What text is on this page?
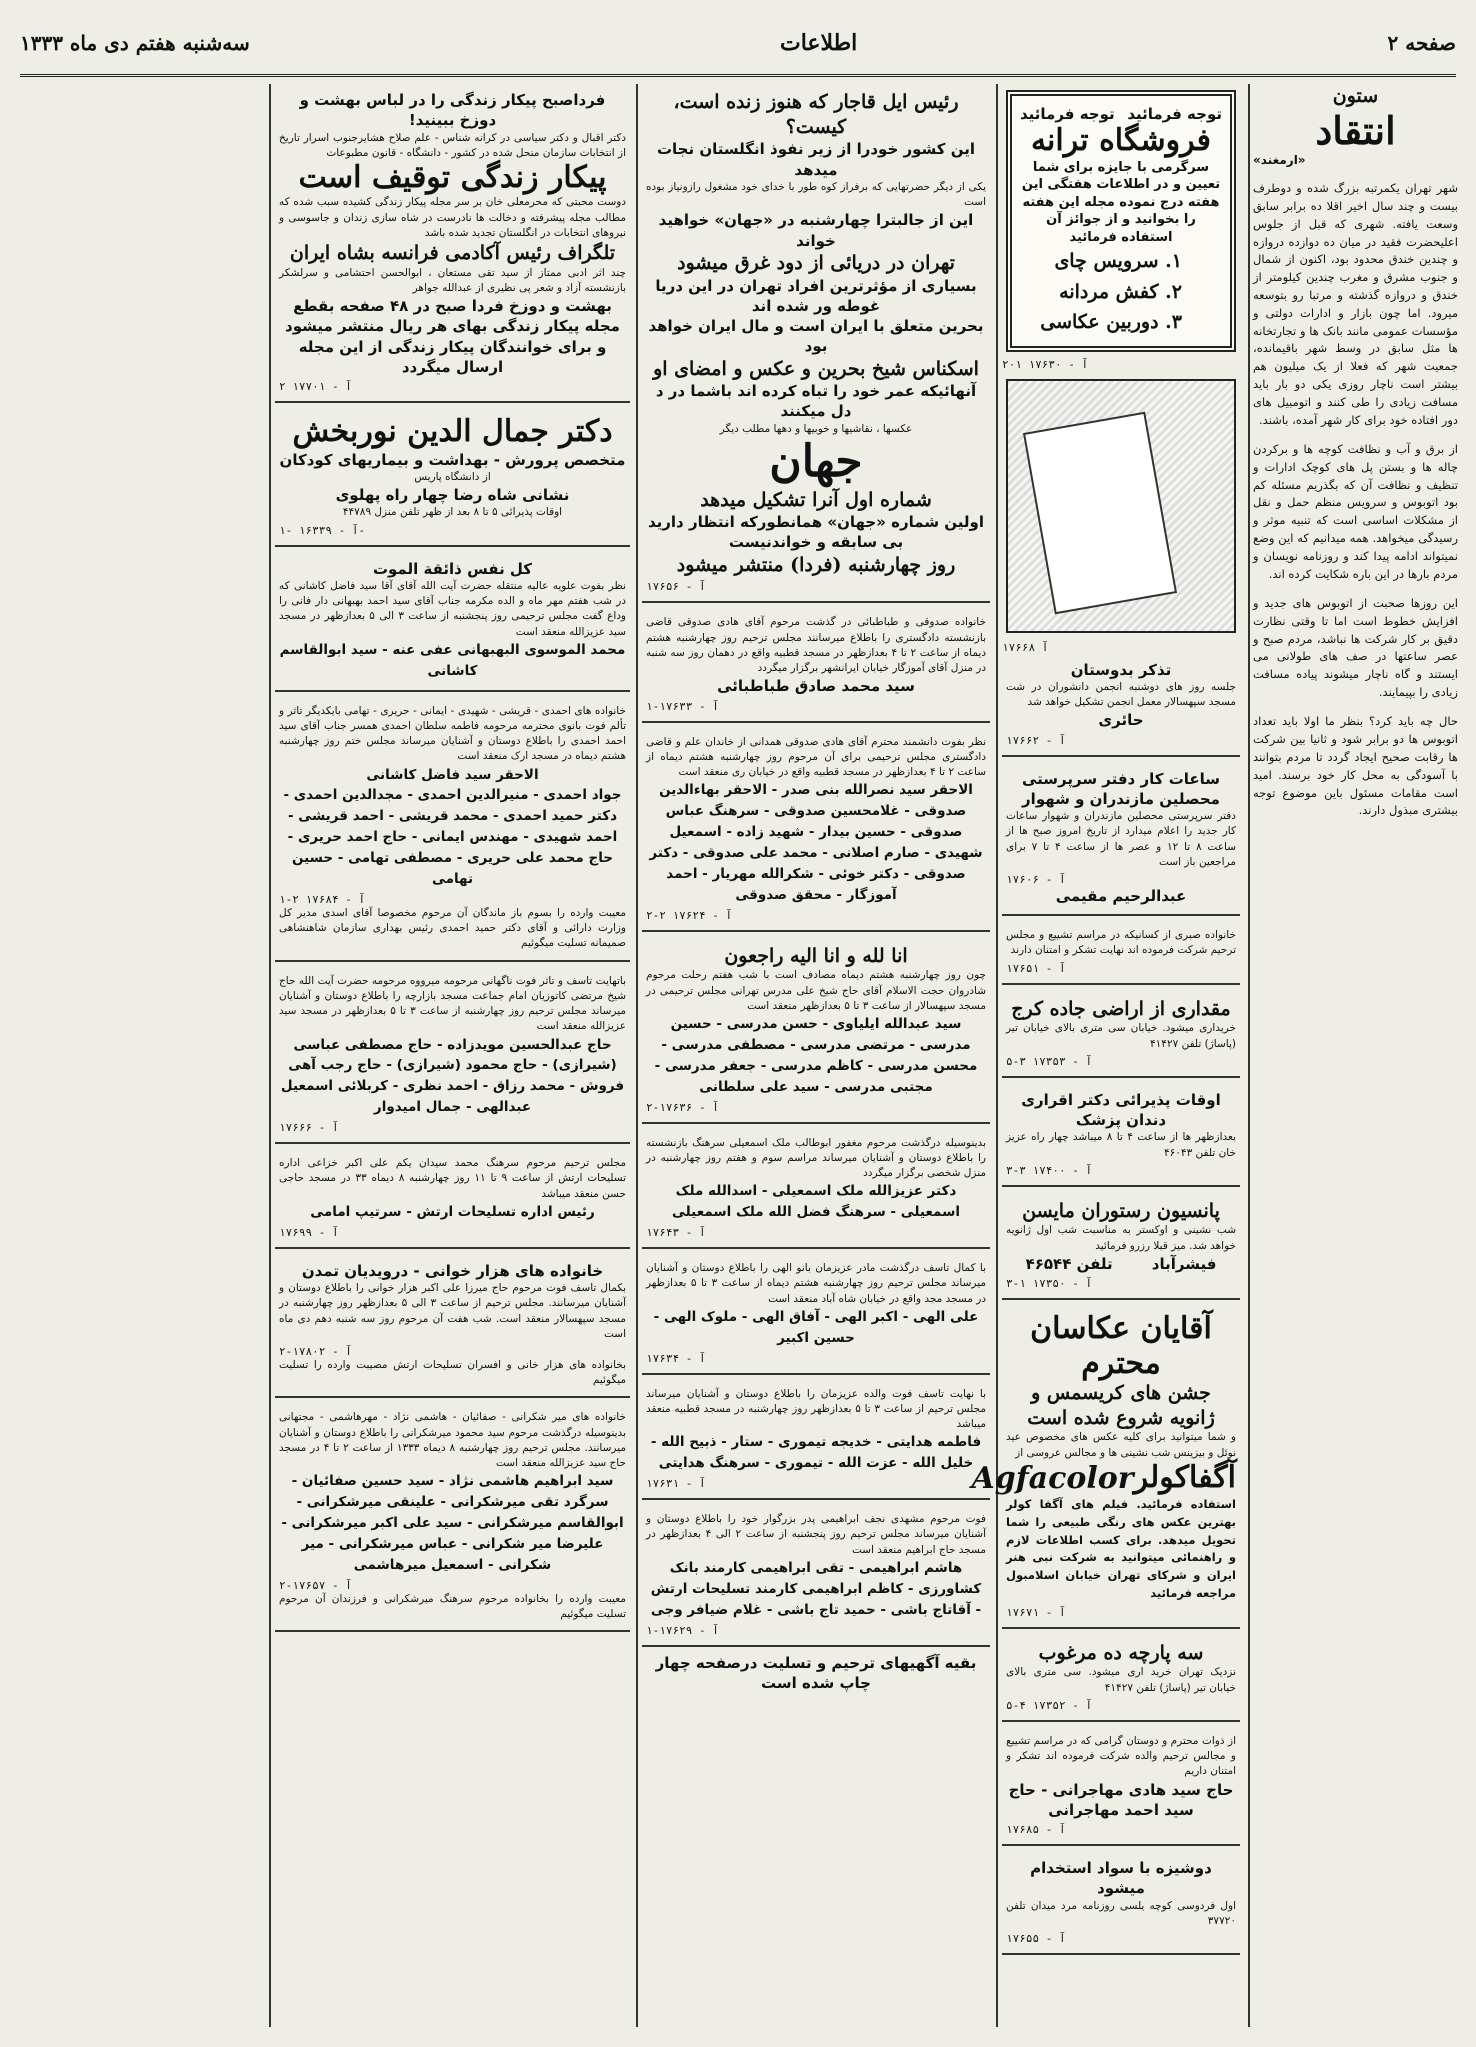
صفحه ۲
اطلاعات
سه‌شنبه هفتم دی ماه ۱۳۳۳
ستون
انتقاد
«ارمغند»

شهر تهران یکمرتبه بزرگ شده و دوطرف بیست و چند سال اخیر اقلا ده برابر سابق وسعت یافته. شهری که قبل از جلوس اعلیحضرت فقید در میان ده دوازده دروازه و چندین خندق محدود بود، اکنون از شمال و جنوب مشرق و مغرب چندین کیلومتر از خندق و دروازه گذشته و مرتبا رو بتوسعه میرود. اما چون بازار و ادارات دولتی و مؤسسات عمومی مانند بانک ها و تجارتخانه ها مثل سابق در وسط شهر باقیمانده، جمعیت شهر که فعلا از یک میلیون هم بیشتر است ناچار روزی یکی دو بار باید مسافت زیادی را طی کنند و اتومبیل های دور افتاده خود برای کار شهر آمده، باشند.

از برق و آب و نظافت کوچه ها و برکردن چاله ها و بستن پل های کوچک ادارات و تنظیف و نظافت آن که بگذریم مسئله کم بود اتوبوس و سرویس منظم حمل و نقل از مشکلات اساسی است که تنبیه موثر و رسیدگی میخواهد. همه میدانیم که این وضع نمیتواند ادامه پیدا کند و روزنامه نویسان و مردم بارها در این باره شکایت کرده اند.

این روزها صحبت از اتوبوس های جدید و افزایش خطوط است اما تا وقتی نظارت دقیق بر کار شرکت ها نباشد، مردم صبح و عصر ساعتها در صف های طولانی می ایستند و گاه ناچار میشوند پیاده مسافت زیادی را بپیمایند.

حال چه باید کرد؟ بنظر ما اولا باید تعداد اتوبوس ها دو برابر شود و ثانیا بین شرکت ها رقابت صحیح ایجاد گردد تا مردم بتوانند با آسودگی به محل کار خود برسند. امید است مقامات مسئول باین موضوع توجه بیشتری مبذول دارند.

توجه فرمائید
توجه فرمائید
فروشگاه ترانه
سرگرمی با جایزه برای شما تعیین و در اطلاعات هفتگی این هفته درج نموده مجله این هفته را بخوانید و از جوائز آن استفاده فرمائید
۱. سرویس چای
۲. کفش مردانه
۳. دوربین عکاسی
آ - ۱۷۶۳۰ ۲۰۱
آ ۱۷۶۶۸
تذکر بدوستان
جلسه روز های دوشنبه انجمن دانشوران در شت مسجد سپهسالار معمل انجمن تشکیل خواهد شد
حائری
آ - ۱۷۶۶۲
ساعات کار دفتر سرپرستی محصلین مازندران و شهوار
دفتر سرپرستی محصلین مازندران و شهوار ساعات کار جدید را اعلام میدارد از تاریخ امروز صبح ها از ساعت ۸ تا ۱۲ و عصر ها از ساعت ۴ تا ۷ برای مراجعین باز است
آ - ۱۷۶۰۶
عبدالرحیم مقیمی
خانواده صبری از کسانیکه در مراسم تشییع و مجلس ترحیم شرکت فرموده اند نهایت تشکر و امتنان دارند
آ - ۱۷۶۵۱
مقداری از اراضی جاده کرج
خریداری میشود. خیابان سی متری بالای خیابان تیر (پاساژ) تلفن ۴۱۴۲۷
آ - ۱۷۳۵۳ ۳-۵
اوقات پذیرائی دکتر اقراری دندان پزشک
بعدازظهر ها از ساعت ۴ تا ۸ میباشد چهار راه عزیز خان تلفن ۴۶۰۴۳
آ - ۱۷۴۰۰ ۳-۳
پانسیون رستوران مایسن
شب نشینی و اوکستر به مناسبت شب اول ژانویه خواهد شد. میز قبلا رزرو فرمائید
فیشرآباد
تلفن ۴۶۵۴۴
آ - ۱۷۳۵۰ ۱-۳
آقایان عکاسان محترم
جشن های کریسمس و ژانویه شروع شده است
و شما میتوانید برای کلیه عکس های مخصوص عید نوئل و بیزینس شب نشینی ها و مجالس عروسی از
آگفاکولر
Agfacolor
استفاده فرمائید. فیلم های آگفا کولر بهترین عکس های رنگی طبیعی را شما تحویل میدهد. برای کسب اطلاعات لازم و راهنمائی میتوانید به شرکت نبی هنر ایران و شرکای تهران خیابان اسلامبول مراجعه فرمائید
آ - ۱۷۶۷۱
سه پارچه ده مرغوب
نزدیک تهران خرید اری میشود. سی متری بالای خیابان تیر (پاساژ) تلفن ۴۱۴۲۷
آ - ۱۷۳۵۲ ۴-۵
از ذوات محترم و دوستان گرامی که در مراسم تشییع و مجالس ترحیم والده شرکت فرموده اند تشکر و امتنان داریم
حاج سید هادی مهاجرانی - حاج سید احمد مهاجرانی
آ - ۱۷۶۸۵
دوشیزه با سواد استخدام میشود
اول فردوسی کوچه یلسی روزنامه مرد میدان تلفن ۳۷۷۲۰
آ - ۱۷۶۵۵
رئیس ایل قاجار که هنوز زنده است، کیست؟
این کشور خودرا از زیر نفوذ انگلستان نجات میدهد
یکی از دیگر حضرتهایی که برفراز کوه طور با خدای خود مشغول رازونیاز بوده است
این از جالبترا چهارشنبه در «جهان» خواهید خواند
تهران در دریائی از دود غرق میشود
بسیاری از مؤثرترین افراد تهران در این دریا غوطه ور شده اند
بحرین متعلق با ایران است و مال ایران خواهد بود
اسکناس شیخ بحرین و عکس و امضای او
آنهائیکه عمر خود را تباه کرده اند باشما در د دل میکنند
عکسها ، نقاشیها و خوبیها و دهها مطلب دیگر
جهان
شماره اول آنرا تشکیل میدهد
اولین شماره «جهان» همانطورکه انتظار دارید بی سابقه و خواندنیست
روز چهارشنبه (فردا) منتشر میشود
آ - ۱۷۶۵۶
خانواده صدوقی و طباطبائی در گذشت مرحوم آقای هادی صدوقی قاضی بازنشسته دادگستری را باطلاع میرسانند مجلس ترحیم روز چهارشنبه هشتم دیماه از ساعت ۲ تا ۴ بعدازظهر در مسجد قطبیه واقع در دهمان روز سه شنبه در منزل آقای آموزگار خیابان ایرانشهر برگزار میگردد
سید محمد صادق طباطبائی
آ - ۱۷۶۳۳-۱
نظر بفوت دانشمند محترم آقای هادی صدوقی همدانی از خاندان علم و قاضی دادگستری مجلس ترحیمی برای آن مرحوم روز چهارشنبه هشتم دیماه از ساعت ۲ تا ۴ بعدازظهر در مسجد قطبیه واقع در خیابان ری منعقد است
الاحقر سید نصرالله بنی صدر - الاحقر بهاءالدین صدوقی - غلامحسین صدوقی - سرهنگ عباس صدوقی - حسین بیدار - شهید زاده - اسمعیل شهیدی - صارم اصلانی - محمد علی صدوقی - دکتر صدوقی - دکتر خوئی - شکرالله مهریار - احمد آموزگار - محقق صدوقی
آ - ۱۷۶۲۴ ۲-۲
انا لله و انا الیه راجعون
چون روز چهارشنبه هشتم دیماه مصادف است با شب هفتم رحلت مرحوم شادروان حجت الاسلام آقای حاج شیخ علی مدرس تهرانی مجلس ترحیمی در مسجد سپهسالار از ساعت ۳ تا ۵ بعدازظهر منعقد است
سید عبدالله ایلیاوی - حسن مدرسی - حسین مدرسی - مرتضی مدرسی - مصطفی مدرسی - محسن مدرسی - کاظم مدرسی - جعفر مدرسی - مجتبی مدرسی - سید علی سلطانی
آ - ۱۷۶۳۶-۲
بدینوسیله درگذشت مرحوم مغفور ابوطالب ملک اسمعیلی سرهنگ بازنشسته را باطلاع دوستان و آشنایان میرساند مراسم سوم و هفتم روز چهارشنبه در منزل شخصی برگزار میگردد
دکتر عزیزالله ملک اسمعیلی - اسدالله ملک اسمعیلی - سرهنگ فضل الله ملک اسمعیلی
آ - ۱۷۶۴۳
با کمال تاسف درگذشت مادر عزیزمان بانو الهی را باطلاع دوستان و آشنایان میرساند مجلس ترحیم روز چهارشنبه هشتم دیماه از ساعت ۳ تا ۵ بعدازظهر در مسجد مجد واقع در خیابان شاه آباد منعقد است
علی الهی - اکبر الهی - آفاق الهی - ملوک الهی - حسین اکبیر
آ - ۱۷۶۳۴
با نهایت تاسف فوت والده عزیزمان را باطلاع دوستان و آشنایان میرساند مجلس ترحیم از ساعت ۳ تا ۵ بعدازظهر روز چهارشنبه در مسجد قطبیه منعقد میباشد
فاطمه هدایتی - خدیجه تیموری - ستار - ذبیح الله - خلیل الله - عزت الله - تیموری - سرهنگ هدایتی
آ - ۱۷۶۳۱
فوت مرحوم مشهدی نجف ابراهیمی پدر بزرگوار خود را باطلاع دوستان و آشنایان میرساند مجلس ترحیم روز پنجشنبه از ساعت ۲ الی ۴ بعدازظهر در مسجد حاج ابراهیم منعقد است
هاشم ابراهیمی - تقی ابراهیمی کارمند بانک کشاورزی - کاظم ابراهیمی کارمند تسلیحات ارتش - آقاتاج باشی - حمید تاج باشی - غلام ضیافر وجی
آ - ۱۷۶۲۹-۱
بقیه آگهیهای ترحیم و تسلیت درصفحه چهار چاپ شده است
فرداصبح پیکار زندگی را در لباس بهشت و دوزخ ببینید!
دکتر اقبال و دکتر سیاسی در کرانه شناس - علم صلاح هشایرجنوب اسرار تاریخ از انتخابات سازمان منحل شده در کشور - دانشگاه - قانون مطبوعات
پیکار زندگی توقیف است
دوست محبتی که محرمعلی خان بر سر مجله پیکار زندگی کشیده سبب شده که مطالب مجله پیشرفته و دخالت ها نادرست در شاه سازی زندان و جاسوسی و نیروهای انتخابات در انگلستان تجدید شده باشد
تلگراف رئیس آکادمی فرانسه بشاه ایران
چند اثر ادبی ممتاز از سید تقی مستعان ، ابوالحسن احتشامی و سرلشکر بازنشسته آزاد و شعر پی نظیری از عبدالله جواهر
بهشت و دوزخ فردا صبح در ۴۸ صفحه بقطع مجله پیکار زندگی بهای هر ریال منتشر میشود و برای خوانندگان پیکار زندگی از این مجله ارسال میگردد
آ - ۱۷۷۰۱ ۲
دکتر جمال الدین نوربخش
متخصص پرورش - بهداشت و بیماریهای کودکان
از دانشگاه پاریس
نشانی شاه رضا چهار راه پهلوی
اوقات پذیرائی ۵ تا ۸ بعد از ظهر تلفن منزل ۴۴۷۸۹
آ - ۱۶۳۳۹ -۱-
کل نفس ذائقة الموت
نظر بفوت علویه عالیه منتقله حضرت آیت الله آقای آقا سید فاضل کاشانی که در شب هفتم مهر ماه و الده مکرمه جناب آقای سید احمد بهبهانی دار فانی را وداع گفت مجلس ترحیمی روز پنجشنبه از ساعت ۳ الی ۵ بعدازظهر در مسجد سید عزیزالله منعقد است
محمد الموسوی البهبهانی عفی عنه - سید ابوالقاسم کاشانی
خانواده های احمدی - قریشی - شهیدی - ایمانی - حریری - تهامی بایکدیگر تاثر و تألم فوت بانوی محترمه مرحومه فاطمه سلطان احمدی همسر جناب آقای سید احمد احمدی را باطلاع دوستان و آشنایان میرساند مجلس ختم روز چهارشنبه هشتم دیماه در مسجد ارک منعقد است
الاحقر سید فاضل کاشانی
جواد احمدی - منیرالدین احمدی - مجدالدین احمدی - دکتر حمید احمدی - محمد قریشی - احمد قریشی - احمد شهیدی - مهندس ایمانی - حاج احمد حریری - حاج محمد علی حریری - مصطفی تهامی - حسین تهامی
آ - ۱۷۶۸۴ ۲-۱
معیبت وارده را بسوم باز ماندگان آن مرحوم مخصوصا آقای اسدی مدیر کل وزارت دارائی و آقای دکتر حمید احمدی رئیس بهداری سازمان شاهنشاهی صمیمانه تسلیت میگوئیم
باتهایت تاسف و تاثر فوت ناگهانی مرحومه میرووه مرحومه حضرت آیت الله حاج شیخ مرتضی کاتوزیان امام جماعت مسجد بازارچه را باطلاع دوستان و آشنایان میرساند مجلس ترحیم روز چهارشنبه از ساعت ۳ تا ۵ بعدازظهر در مسجد سید عزیزالله منعقد است
حاج عبدالحسین مویدزاده - حاج مصطفی عباسی (شیرازی) - حاج محمود (شیرازی) - حاج رجب آهی فروش - محمد رزاق - احمد نظری - کربلائی اسمعیل عبدالهی - جمال امیدوار
آ - ۱۷۶۶۶
مجلس ترحیم مرحوم سرهنگ محمد سیدان یکم علی اکبر خزاعی اداره تسلیحات ارتش از ساعت ۹ تا ۱۱ روز چهارشنبه ۸ دیماه ۳۳ در مسجد حاجی حسن منعقد میباشد
رئیس اداره تسلیحات ارتش - سرتیپ امامی
آ - ۱۷۶۹۹
خانواده های هزار خوانی - درویدیان تمدن
بکمال تاسف فوت مرحوم حاج میرزا علی اکبر هزار خوانی را باطلاع دوستان و آشنایان میرسانند. مجلس ترحیم از ساعت ۳ الی ۵ بعدازظهر روز چهارشنبه در مسجد سپهسالار منعقد است. شب هفت آن مرحوم روز سه شنبه دهم دی ماه است
آ - ۱۷۸۰۲-۲
بخانواده های هزار خانی و افسران تسلیحات ارتش مصیبت وارده را تسلیت میگوئیم
خانواده های میر شکرانی - صفائیان - هاشمی نژاد - مهرهاشمی - مجتهانی بدینوسیله درگذشت مرحوم سید محمود میرشکرانی را باطلاع دوستان و آشنایان میرسانند. مجلس ترحیم روز چهارشنبه ۸ دیماه ۱۳۳۳ از ساعت ۲ تا ۴ در مسجد حاج سید عزیزالله منعقد است
سید ابراهیم هاشمی نژاد - سید حسین صفائیان - سرگرد تقی میرشکرانی - علینقی میرشکرانی - ابوالقاسم میرشکرانی - سید علی اکبر میرشکرانی - علیرضا میر شکرانی - عباس میرشکرانی - میر شکرانی - اسمعیل میرهاشمی
آ - ۱۷۶۵۷-۲
معیبت وارده را بخانواده مرحوم سرهنگ میرشکرانی و فرزندان آن مرحوم تسلیت میگوئیم
